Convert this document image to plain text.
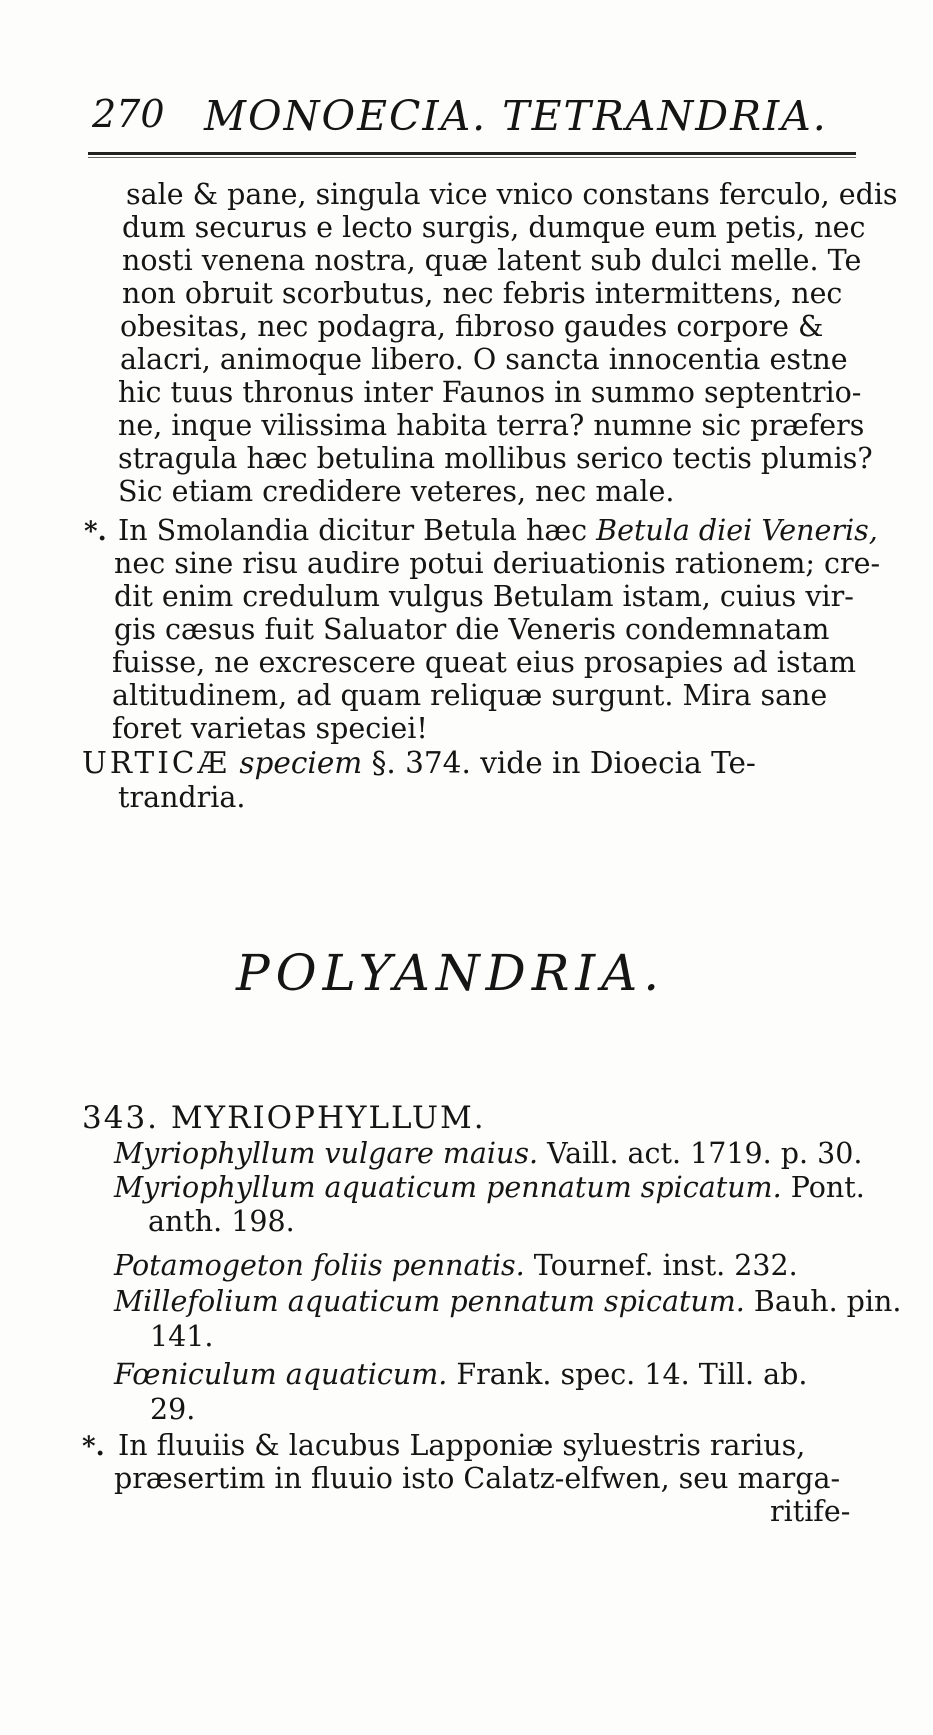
270 MONOECIA. TETRANDRIA.
sale & pane, singula vice vnico constans ferculo, edis
dum securus e lecto surgis, dumque eum petis, nec
nosti venena nostra, quæ latent sub dulci melle. Te
non obruit scorbutus, nec febris intermittens, nec
obesitas, nec podagra, fibroso gaudes corpore &
alacri, animoque libero. O sancta innocentia estne
hic tuus thronus inter Faunos in summo septentrio-
ne, inque vilissima habita terra? numne sic præfers
stragula hæc betulina mollibus serico tectis plumis?
Sic etiam credidere veteres, nec male.
*. In Smolandia dicitur Betula hæc Betula diei Veneris,
nec sine risu audire potui deriuationis rationem; cre-
dit enim credulum vulgus Betulam istam, cuius vir-
gis cæsus fuit Saluator die Veneris condemnatam
fuisse, ne excrescere queat eius prosapies ad istam
altitudinem, ad quam reliquæ surgunt. Mira sane
foret varietas speciei!
URTICÆ speciem §. 374. vide in Dioecia Te-
trandria.
POLYANDRIA.
343. MYRIOPHYLLUM.
Myriophyllum vulgare maius. Vaill. act. 1719. p. 30.
Myriophyllum aquaticum pennatum spicatum. Pont.
anth. 198.
Potamogeton foliis pennatis. Tournef. inst. 232.
Millefolium aquaticum pennatum spicatum. Bauh. pin.
141.
Fœniculum aquaticum. Frank. spec. 14. Till. ab.
29.
*. In fluuiis & lacubus Lapponiæ syluestris rarius,
præsertim in fluuio isto Calatz-elfwen, seu marga-
ritife-
